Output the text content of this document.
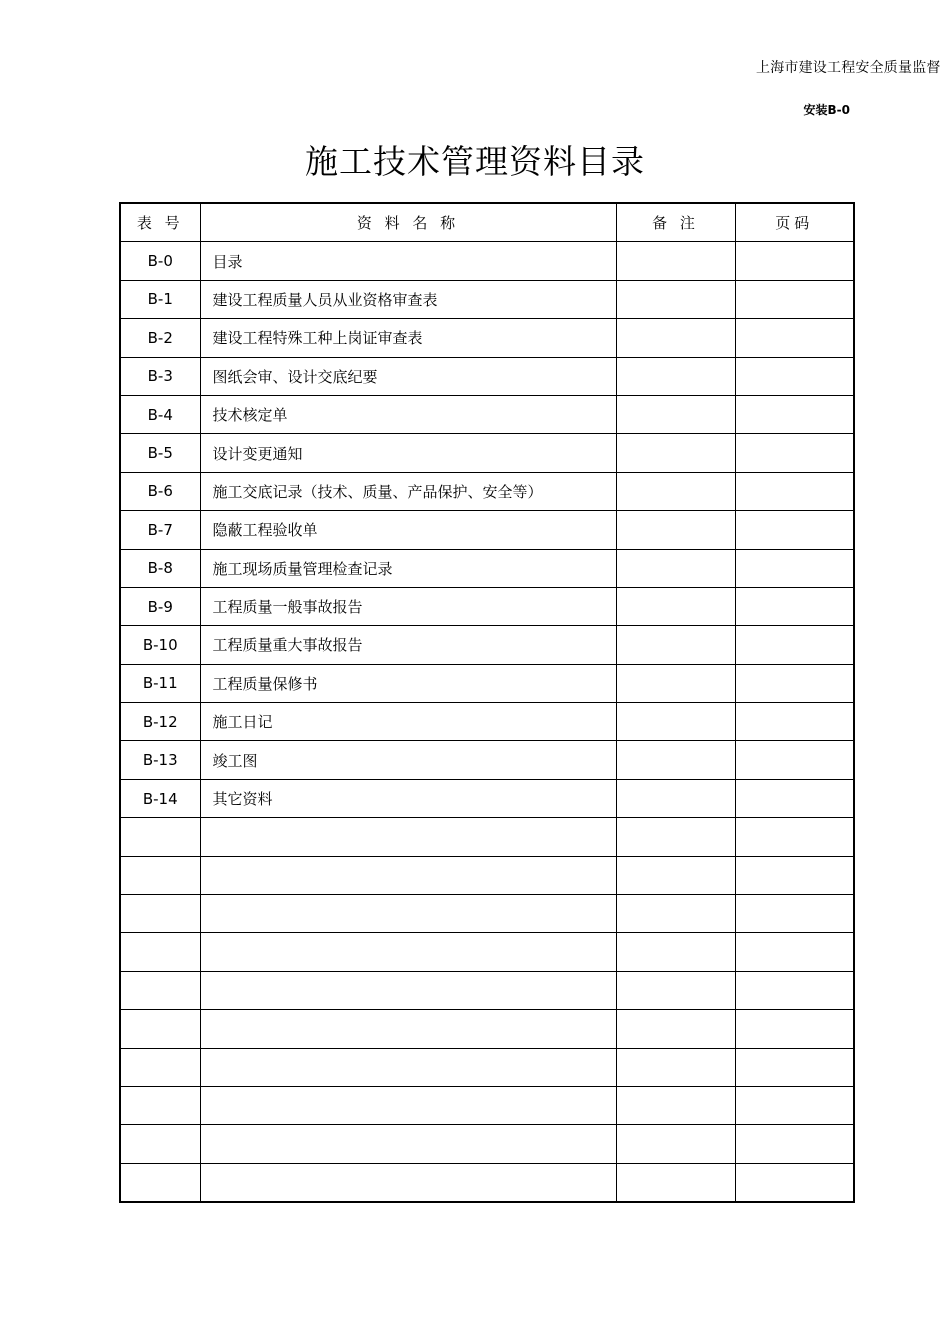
上海市建设工程安全质量监督
安装B-0
施工技术管理资料目录
表 号	资 料 名 称	备 注	页码
B-0	目录		
B-1	建设工程质量人员从业资格审查表		
B-2	建设工程特殊工种上岗证审查表		
B-3	图纸会审、设计交底纪要		
B-4	技术核定单		
B-5	设计变更通知		
B-6	施工交底记录（技术、质量、产品保护、安全等）		
B-7	隐蔽工程验收单		
B-8	施工现场质量管理检查记录		
B-9	工程质量一般事故报告		
B-10	工程质量重大事故报告		
B-11	工程质量保修书		
B-12	施工日记		
B-13	竣工图		
B-14	其它资料		
